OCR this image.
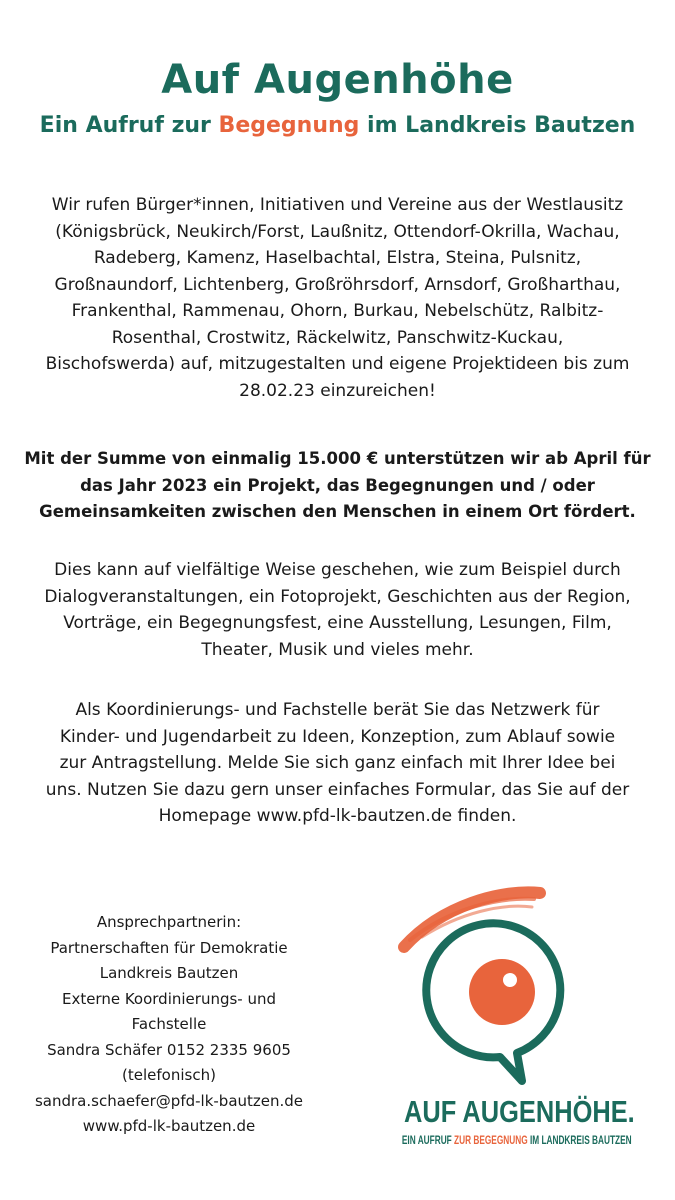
Auf Augenhöhe
Ein Aufruf zur Begegnung im Landkreis Bautzen
Wir rufen Bürger*innen, Initiativen und Vereine aus der Westlausitz
(Königsbrück, Neukirch/Forst, Laußnitz, Ottendorf-Okrilla, Wachau,
Radeberg, Kamenz, Haselbachtal, Elstra, Steina, Pulsnitz,
Großnaundorf, Lichtenberg, Großröhrsdorf, Arnsdorf, Großharthau,
Frankenthal, Rammenau, Ohorn, Burkau, Nebelschütz, Ralbitz-
Rosenthal, Crostwitz, Räckelwitz, Panschwitz-Kuckau,
Bischofswerda) auf, mitzugestalten und eigene Projektideen bis zum
28.02.23 einzureichen!
Mit der Summe von einmalig 15.000 € unterstützen wir ab April für
das Jahr 2023 ein Projekt, das Begegnungen und / oder
Gemeinsamkeiten zwischen den Menschen in einem Ort fördert.
Dies kann auf vielfältige Weise geschehen, wie zum Beispiel durch
Dialogveranstaltungen, ein Fotoprojekt, Geschichten aus der Region,
Vorträge, ein Begegnungsfest, eine Ausstellung, Lesungen, Film,
Theater, Musik und vieles mehr.
Als Koordinierungs- und Fachstelle berät Sie das Netzwerk für
Kinder- und Jugendarbeit zu Ideen, Konzeption, zum Ablauf sowie
zur Antragstellung. Melde Sie sich ganz einfach mit Ihrer Idee bei
uns. Nutzen Sie dazu gern unser einfaches Formular, das Sie auf der
Homepage www.pfd-lk-bautzen.de finden.
Ansprechpartnerin:
Partnerschaften für Demokratie
Landkreis Bautzen
Externe Koordinierungs- und
Fachstelle
Sandra Schäfer 0152 2335 9605
(telefonisch)
sandra.schaefer@pfd-lk-bautzen.de
www.pfd-lk-bautzen.de	AUF AUGENHÖHE.
EIN AUFRUF ZUR BEGEGNUNG IM LANDKREIS BAUTZEN
